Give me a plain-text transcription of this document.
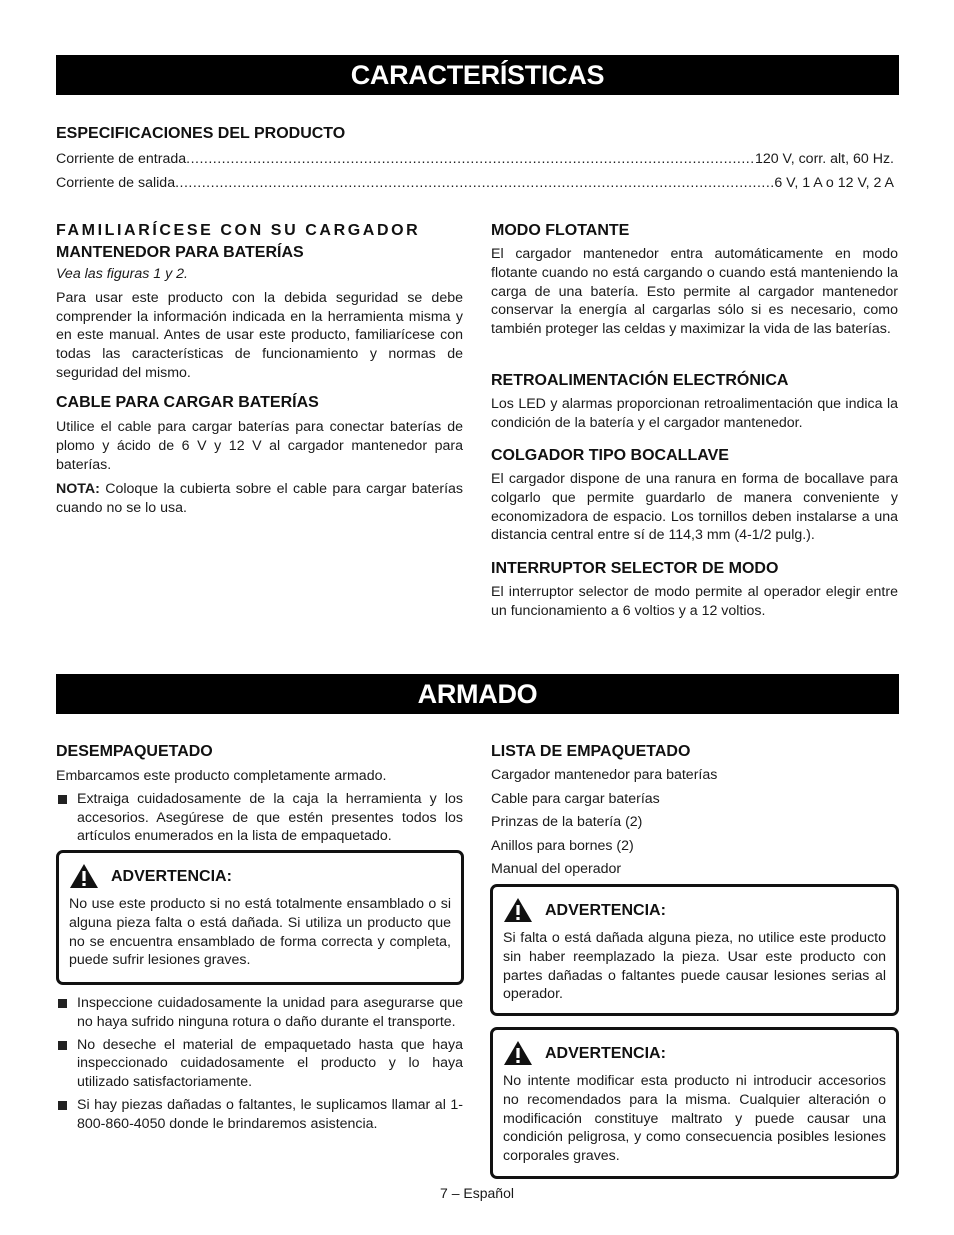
CARACTERÍSTICAS

ESPECIFICACIONES DEL PRODUCTO

Corriente de entrada .....	120 V, corr. alt, 60 Hz.
Corriente de salida .....	6 V, 1 A o 12 V, 2 A

FAMILIARÍCESE CON SU CARGADOR

MANTENEDOR PARA BATERÍAS

Vea las figuras 1 y 2.

Para usar este producto con la debida seguridad se debe comprender la información indicada en la herramienta misma y en este manual. Antes de usar este producto, familiarícese con todas las características de funcionamiento y normas de seguridad del mismo.

CABLE PARA CARGAR BATERÍAS

Utilice el cable para cargar baterías para conectar baterías de plomo y ácido de 6 V y 12 V al cargador mantenedor para baterías.

NOTA: Coloque la cubierta sobre el cable para cargar baterías cuando no se lo usa.

MODO FLOTANTE

El cargador mantenedor entra automáticamente en modo flotante cuando no está cargando o cuando está manteniendo la carga de una batería. Esto permite al cargador mantenedor conservar la energía al cargarlas sólo si es necesario, como también proteger las celdas y maximizar la vida de las baterías.

RETROALIMENTACIÓN ELECTRÓNICA

Los LED y alarmas proporcionan retroalimentación que indica la condición de la batería y el cargador mantenedor.

COLGADOR TIPO BOCALLAVE

El cargador dispone de una ranura en forma de bocallave para colgarlo que permite guardarlo de manera conveniente y economizadora de espacio. Los tornillos deben instalarse a una distancia central entre sí de 114,3 mm (4-1/2 pulg.).

INTERRUPTOR SELECTOR DE MODO

El interruptor selector de modo permite al operador elegir entre un funcionamiento a 6 voltios y a 12 voltios.

ARMADO

DESEMPAQUETADO

Embarcamos este producto completamente armado.

Extraiga cuidadosamente de la caja la herramienta y los accesorios. Asegúrese de que estén presentes todos los artículos enumerados en la lista de empaquetado.

ADVERTENCIA:

No use este producto si no está totalmente ensamblado o si alguna pieza falta o está dañada. Si utiliza un producto que no se encuentra ensamblado de forma correcta y completa, puede sufrir lesiones graves.

Inspeccione cuidadosamente la unidad para asegurarse que no haya sufrido ninguna rotura o daño durante el transporte.

No deseche el material de empaquetado hasta que haya inspeccionado cuidadosamente el producto y lo haya utilizado satisfactoriamente.

Si hay piezas dañadas o faltantes, le suplicamos llamar al 1-800-860-4050 donde le brindaremos asistencia.

LISTA DE EMPAQUETADO

Cargador mantenedor para baterías
Cable para cargar baterías
Prinzas de la batería (2)
Anillos para bornes (2)
Manual del operador
ADVERTENCIA:

Si falta o está dañada alguna pieza, no utilice este producto sin haber reemplazado la pieza. Usar este producto con partes dañadas o faltantes puede causar lesiones serias al operador.

ADVERTENCIA:

No intente modificar esta producto ni introducir accesorios no recomendados para la misma. Cualquier alteración o modificación constituye maltrato y puede causar una condición peligrosa, y como consecuencia posibles lesiones corporales graves.

7 – Español
